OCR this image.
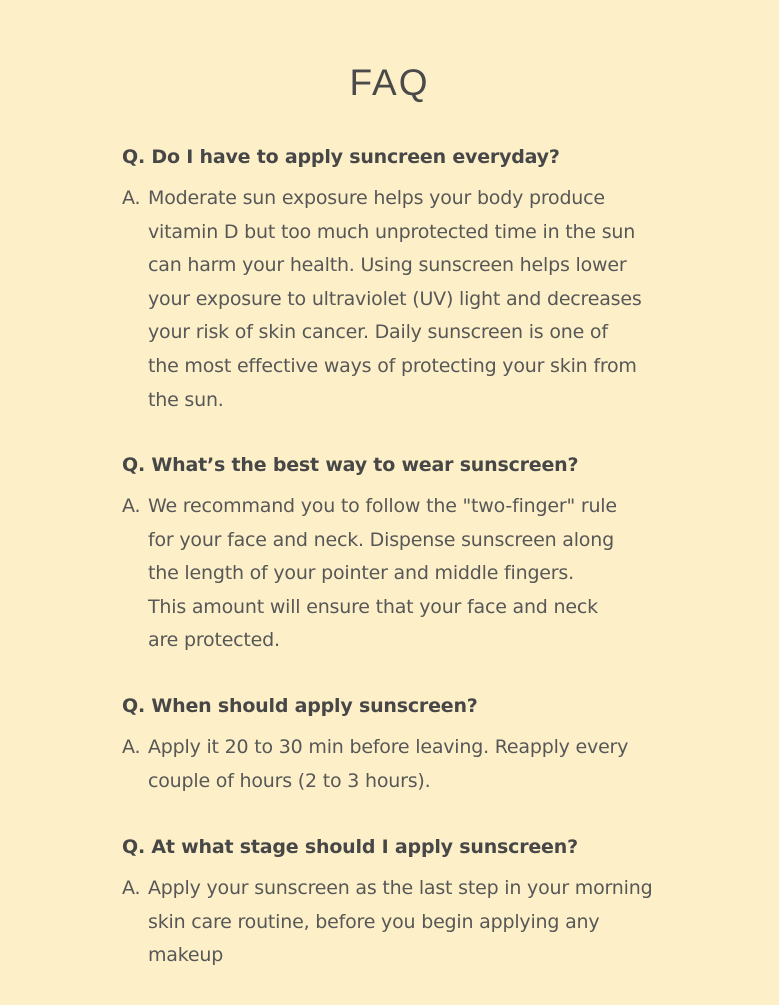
FAQ

Q. Do I have to apply suncreen everyday?

A. Moderate sun exposure helps your body produce
vitamin D but too much unprotected time in the sun
can harm your health. Using sunscreen helps lower
your exposure to ultraviolet (UV) light and decreases
your risk of skin cancer. Daily sunscreen is one of
the most effective ways of protecting your skin from
the sun.

Q. What’s the best way to wear sunscreen?

A. We recommand you to follow the "two-finger" rule
for your face and neck. Dispense sunscreen along
the length of your pointer and middle fingers.
This amount will ensure that your face and neck
are protected.

Q. When should apply sunscreen?

A. Apply it 20 to 30 min before leaving. Reapply every
couple of hours (2 to 3 hours).

Q. At what stage should I apply sunscreen?

A. Apply your sunscreen as the last step in your morning
skin care routine, before you begin applying any
makeup
